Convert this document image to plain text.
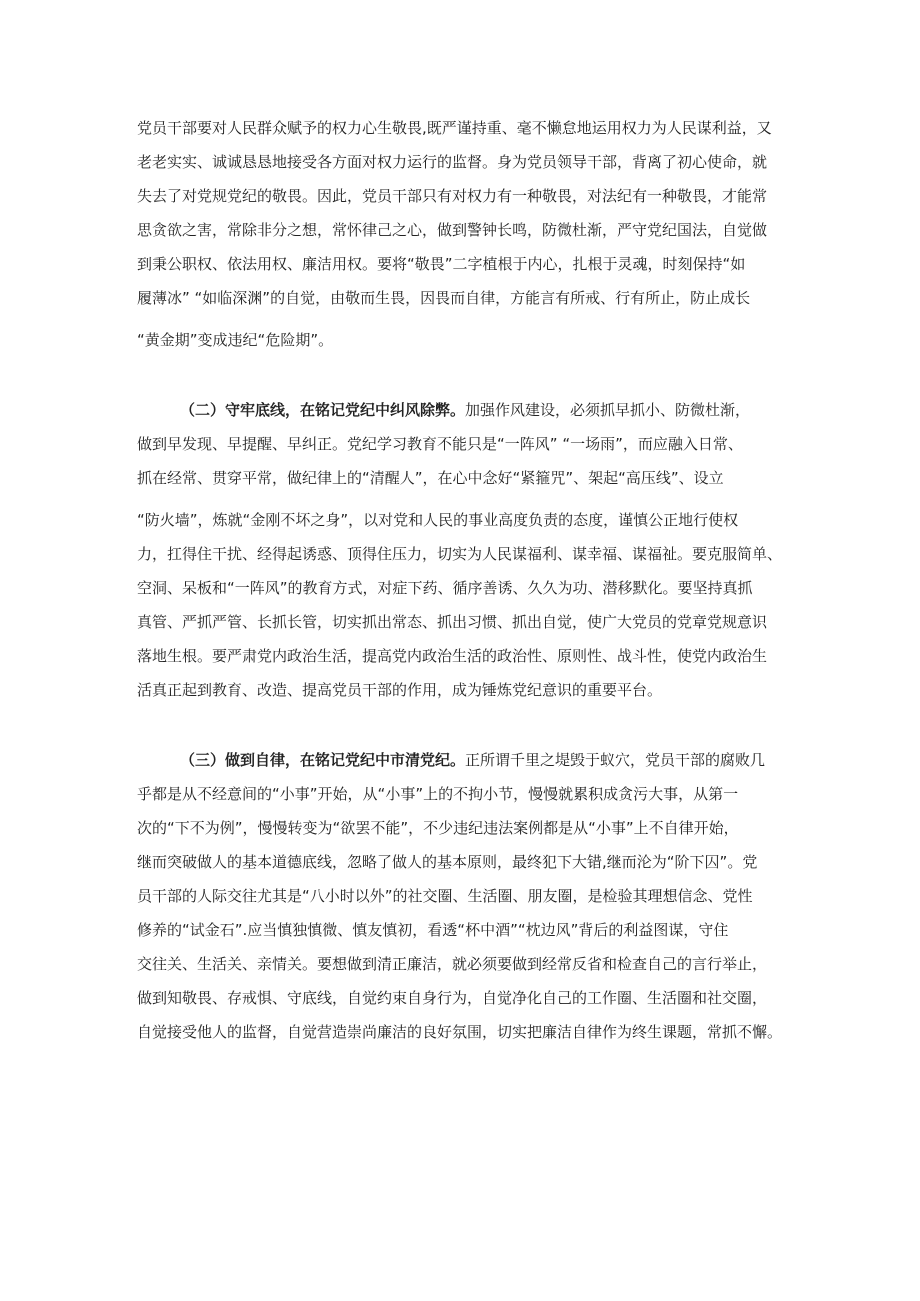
党员干部要对人民群众赋予的权力心生敬畏,既严谨持重、毫不懒怠地运用权力为人民谋利益，又
老老实实、诚诚恳恳地接受各方面对权力运行的监督。身为党员领导干部，背离了初心使命，就
失去了对党规党纪的敬畏。因此，党员干部只有对权力有一种敬畏，对法纪有一种敬畏，才能常
思贪欲之害，常除非分之想，常怀律己之心，做到警钟长鸣，防微杜渐，严守党纪国法，自觉做
到秉公职权、依法用权、廉洁用权。要将“敬畏”二字植根于内心，扎根于灵魂，时刻保持“如
履薄冰” “如临深渊”的自觉，由敬而生畏，因畏而自律，方能言有所戒、行有所止，防止成长
“黄金期”变成违纪“危险期”。
（二）守牢底线，在铭记党纪中纠风除弊。加强作风建设，必须抓早抓小、防微杜渐，
做到早发现、早提醒、早纠正。党纪学习教育不能只是“一阵风” “一场雨”，而应融入日常、
抓在经常、贯穿平常，做纪律上的“清醒人”，在心中念好“紧箍咒”、架起“高压线”、设立
“防火墙”，炼就“金刚不坏之身”，以对党和人民的事业高度负责的态度，谨慎公正地行使权
力，扛得住干扰、经得起诱惑、顶得住压力，切实为人民谋福利、谋幸福、谋福祉。要克服简单、
空洞、呆板和“一阵风”的教育方式，对症下药、循序善诱、久久为功、潜移默化。要坚持真抓
真管、严抓严管、长抓长管，切实抓出常态、抓出习惯、抓出自觉，使广大党员的党章党规意识
落地生根。要严肃党内政治生活，提高党内政治生活的政治性、原则性、战斗性，使党内政治生
活真正起到教育、改造、提高党员干部的作用，成为锤炼党纪意识的重要平台。
（三）做到自律，在铭记党纪中市清党纪。正所谓千里之堤毁于蚁穴，党员干部的腐败几
乎都是从不经意间的“小事”开始，从“小事”上的不拘小节，慢慢就累积成贪污大事，从第一
次的“下不为例”，慢慢转变为“欲罢不能”，不少违纪违法案例都是从“小事”上不自律开始，
继而突破做人的基本道德底线，忽略了做人的基本原则，最终犯下大错,继而沦为“阶下囚”。党
员干部的人际交往尤其是“八小时以外”的社交圈、生活圈、朋友圈，是检验其理想信念、党性
修养的“试金石”.应当慎独慎微、慎友慎初，看透“杯中酒”“枕边风”背后的利益图谋，守住
交往关、生活关、亲情关。要想做到清正廉洁，就必须要做到经常反省和检查自己的言行举止，
做到知敬畏、存戒惧、守底线，自觉约束自身行为，自觉净化自己的工作圈、生活圈和社交圈，
自觉接受他人的监督，自觉营造崇尚廉洁的良好氛围，切实把廉洁自律作为终生课题，常抓不懈。
